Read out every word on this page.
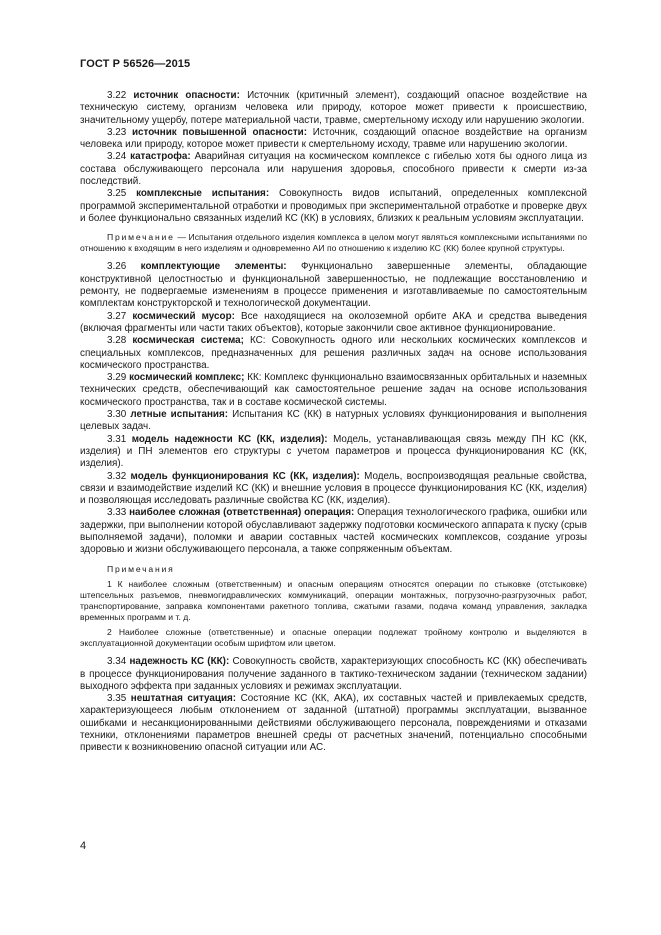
ГОСТ Р 56526—2015

3.22 источник опасности: Источник (критичный элемент), создающий опасное воздействие на техническую систему, организм человека или природу, которое может привести к происшествию, значительному ущербу, потере материальной части, травме, смертельному исходу или нарушению экологии.

3.23 источник повышенной опасности: Источник, создающий опасное воздействие на организм человека или природу, которое может привести к смертельному исходу, травме или нарушению экологии.

3.24 катастрофа: Аварийная ситуация на космическом комплексе с гибелью хотя бы одного лица из состава обслуживающего персонала или нарушения здоровья, способного привести к смерти из-за последствий.

3.25 комплексные испытания: Совокупность видов испытаний, определенных комплексной программой экспериментальной отработки и проводимых при экспериментальной отработке и проверке двух и более функционально связанных изделий КС (КК) в условиях, близких к реальным условиям эксплуатации.

Примечание — Испытания отдельного изделия комплекса в целом могут являться комплексными испытаниями по отношению к входящим в него изделиям и одновременно АИ по отношению к изделию КС (КК) более крупной структуры.

3.26 комплектующие элементы: Функционально завершенные элементы, обладающие конструктивной целостностью и функциональной завершенностью, не подлежащие восстановлению и ремонту, не подвергаемые изменениям в процессе применения и изготавливаемые по самостоятельным комплектам конструкторской и технологической документации.

3.27 космический мусор: Все находящиеся на околоземной орбите АКА и средства выведения (включая фрагменты или части таких объектов), которые закончили свое активное функционирование.

3.28 космическая система; КС: Совокупность одного или нескольких космических комплексов и специальных комплексов, предназначенных для решения различных задач на основе использования космического пространства.

3.29 космический комплекс; КК: Комплекс функционально взаимосвязанных орбитальных и наземных технических средств, обеспечивающий как самостоятельное решение задач на основе использования космического пространства, так и в составе космической системы.

3.30 летные испытания: Испытания КС (КК) в натурных условиях функционирования и выполнения целевых задач.

3.31 модель надежности КС (КК, изделия): Модель, устанавливающая связь между ПН КС (КК, изделия) и ПН элементов его структуры с учетом параметров и процесса функционирования КС (КК, изделия).

3.32 модель функционирования КС (КК, изделия): Модель, воспроизводящая реальные свойства, связи и взаимодействие изделий КС (КК) и внешние условия в процессе функционирования КС (КК, изделия) и позволяющая исследовать различные свойства КС (КК, изделия).

3.33 наиболее сложная (ответственная) операция: Операция технологического графика, ошибки или задержки, при выполнении которой обуславливают задержку подготовки космического аппарата к пуску (срыв выполняемой задачи), поломки и аварии составных частей космических комплексов, создание угрозы здоровью и жизни обслуживающего персонала, а также сопряженным объектам.

Примечания

1 К наиболее сложным (ответственным) и опасным операциям относятся операции по стыковке (отстыковке) штепсельных разъемов, пневмогидравлических коммуникаций, операции монтажных, погрузочно-разгрузочных работ, транспортирование, заправка компонентами ракетного топлива, сжатыми газами, подача команд управления, закладка временных программ и т. д.

2 Наиболее сложные (ответственные) и опасные операции подлежат тройному контролю и выделяются в эксплуатационной документации особым шрифтом или цветом.

3.34 надежность КС (КК): Совокупность свойств, характеризующих способность КС (КК) обеспечивать в процессе функционирования получение заданного в тактико-техническом задании (техническом задании) выходного эффекта при заданных условиях и режимах эксплуатации.

3.35 нештатная ситуация: Состояние КС (КК, АКА), их составных частей и привлекаемых средств, характеризующееся любым отклонением от заданной (штатной) программы эксплуатации, вызванное ошибками и несанкционированными действиями обслуживающего персонала, повреждениями и отказами техники, отклонениями параметров внешней среды от расчетных значений, потенциально способными привести к возникновению опасной ситуации или АС.

4
